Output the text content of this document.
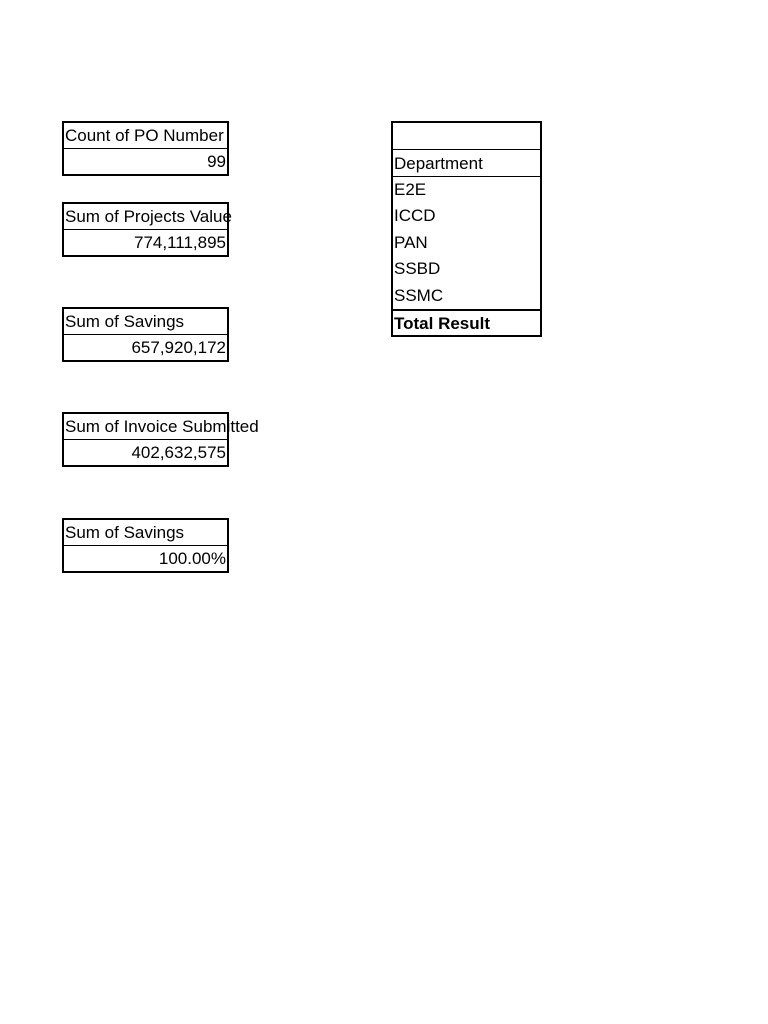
Count of PO Number
99
Sum of Projects Value
774,111,895
Sum of Savings
657,920,172
Sum of Invoice Submitted
402,632,575
Sum of Savings
100.00%
Department
E2E
ICCD
PAN
SSBD
SSMC
Total Result
